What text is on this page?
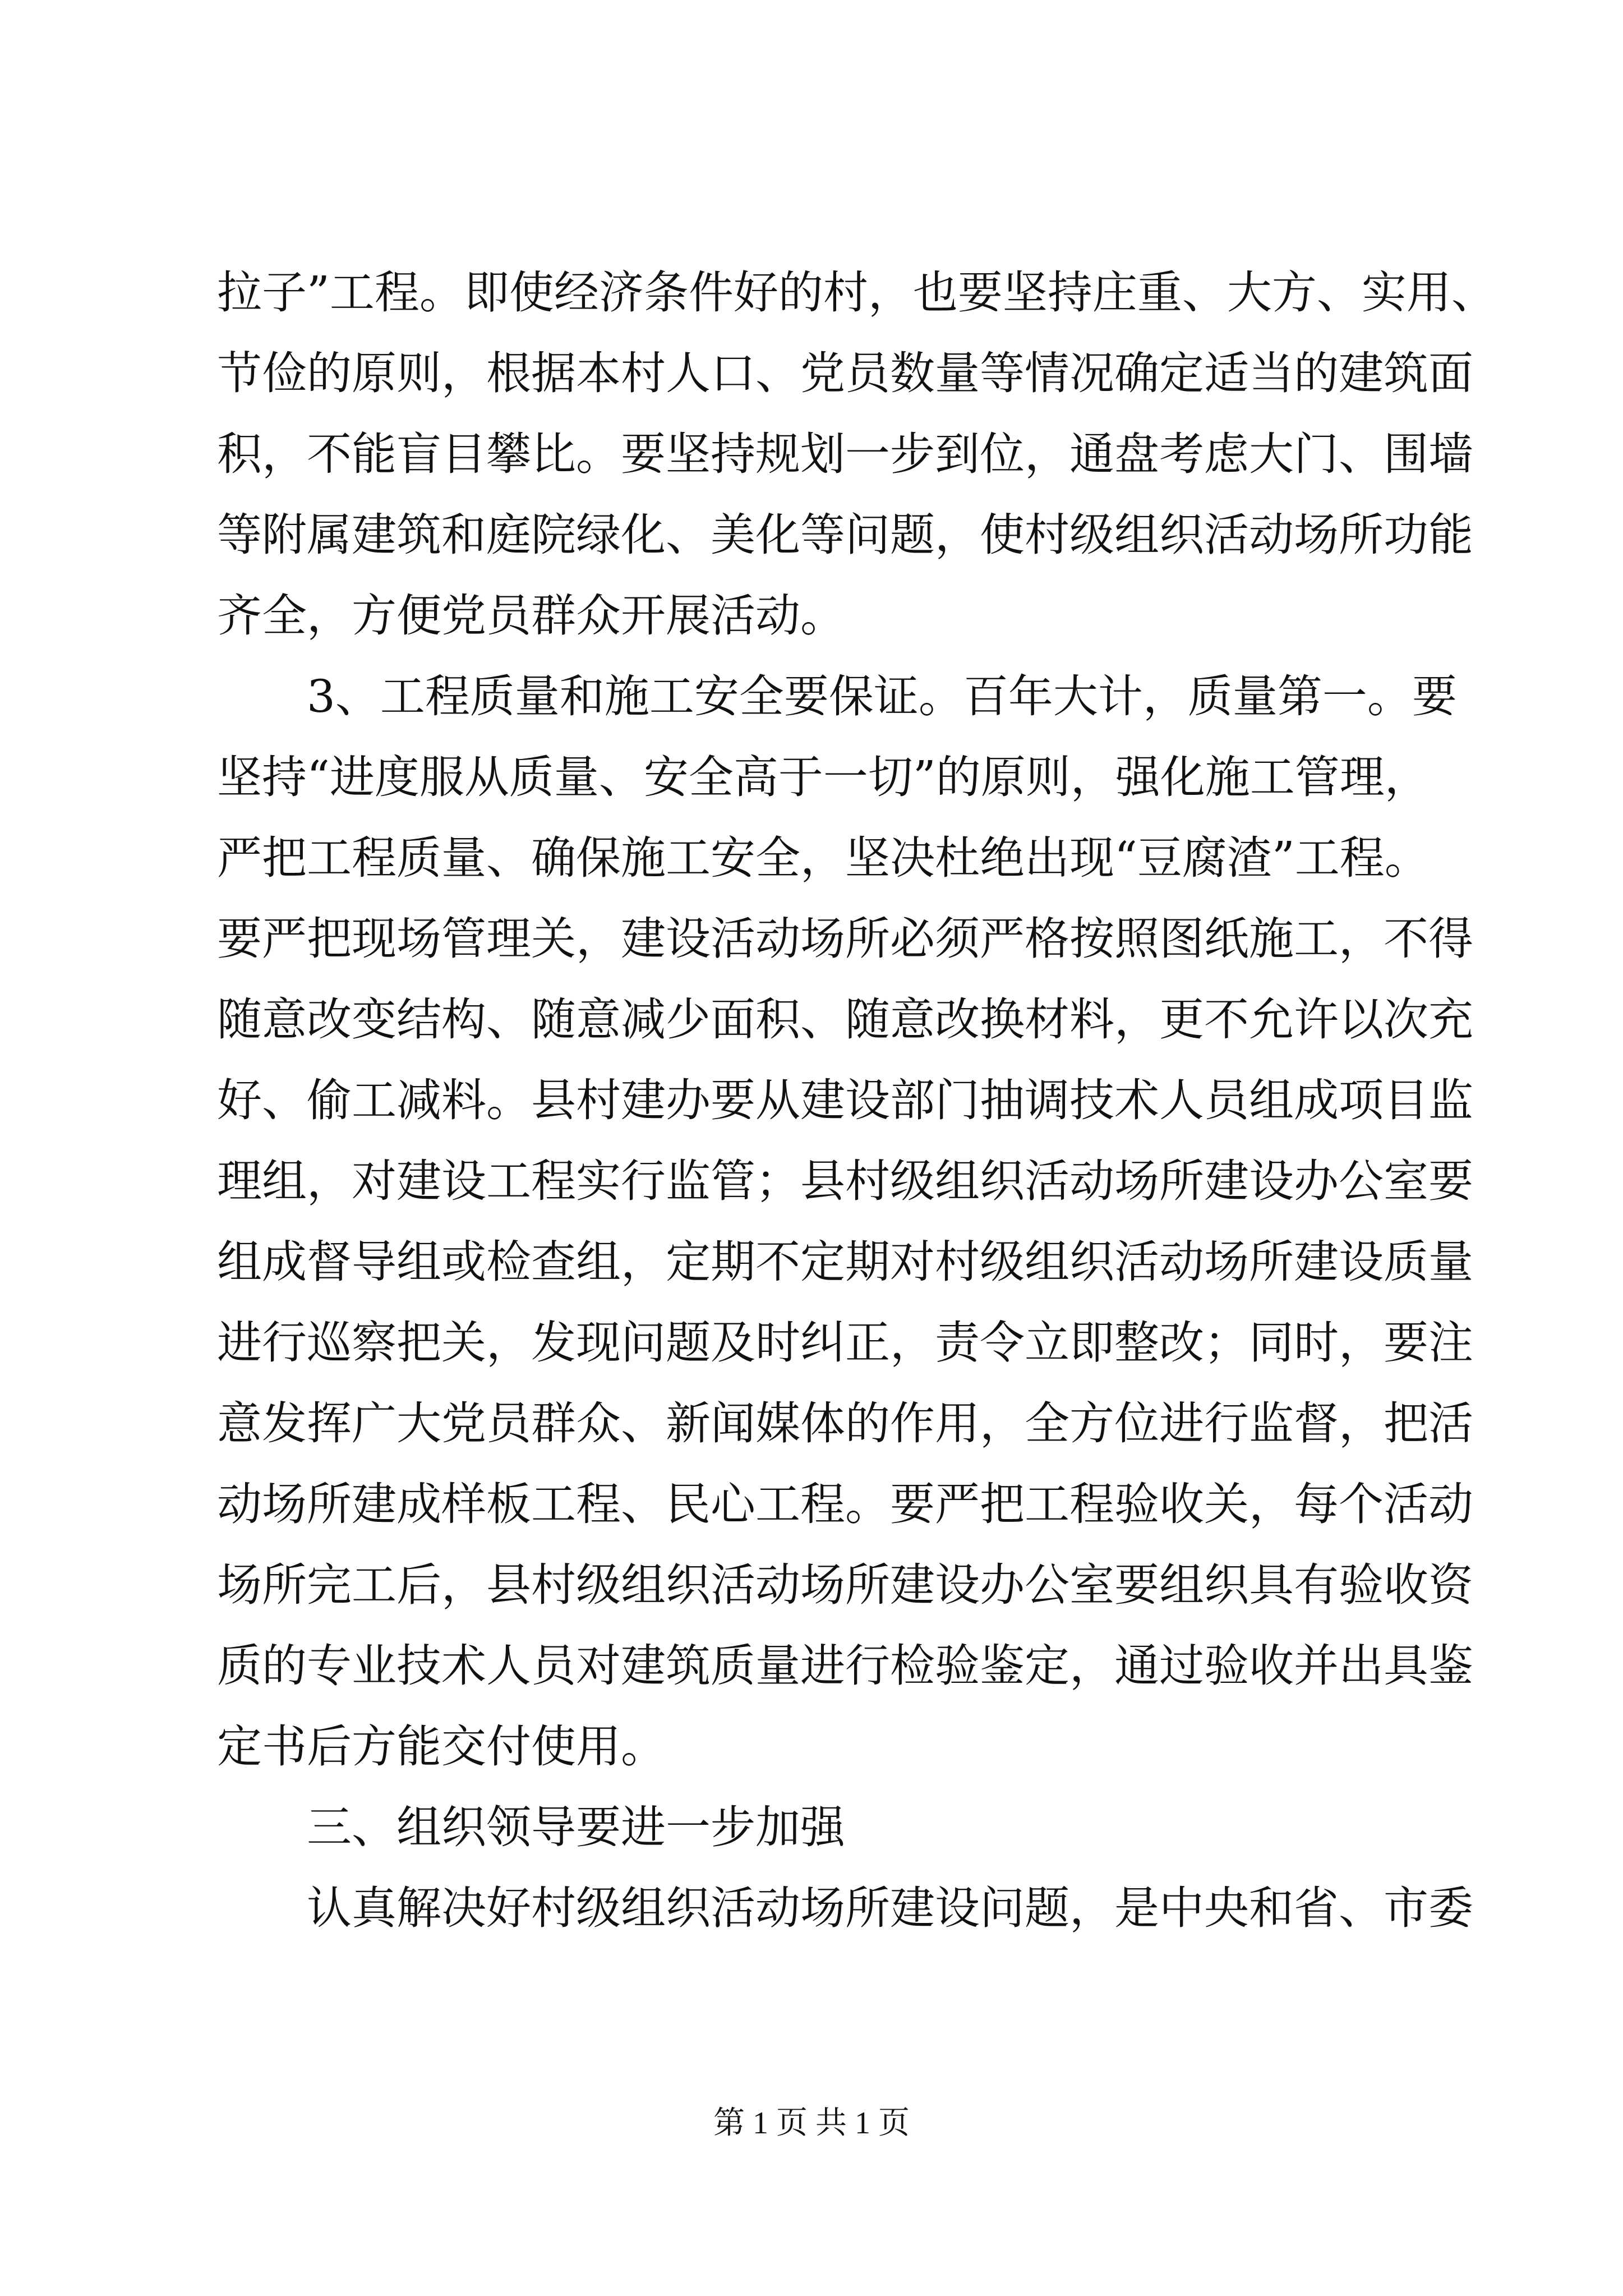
拉子”工程。即使经济条件好的村，也要坚持庄重、大方、实用、
节俭的原则，根据本村人口、党员数量等情况确定适当的建筑面
积，不能盲目攀比。要坚持规划一步到位，通盘考虑大门、围墙
等附属建筑和庭院绿化、美化等问题，使村级组织活动场所功能
齐全，方便党员群众开展活动。
3、工程质量和施工安全要保证。百年大计，质量第一。要
坚持“进度服从质量、安全高于一切”的原则，强化施工管理，
严把工程质量、确保施工安全，坚决杜绝出现“豆腐渣”工程。
要严把现场管理关，建设活动场所必须严格按照图纸施工，不得
随意改变结构、随意减少面积、随意改换材料，更不允许以次充
好、偷工减料。县村建办要从建设部门抽调技术人员组成项目监
理组，对建设工程实行监管；县村级组织活动场所建设办公室要
组成督导组或检查组，定期不定期对村级组织活动场所建设质量
进行巡察把关，发现问题及时纠正，责令立即整改；同时，要注
意发挥广大党员群众、新闻媒体的作用，全方位进行监督，把活
动场所建成样板工程、民心工程。要严把工程验收关，每个活动
场所完工后，县村级组织活动场所建设办公室要组织具有验收资
质的专业技术人员对建筑质量进行检验鉴定，通过验收并出具鉴
定书后方能交付使用。
三、组织领导要进一步加强
认真解决好村级组织活动场所建设问题，是中央和省、市委
第 1 页 共 1 页
